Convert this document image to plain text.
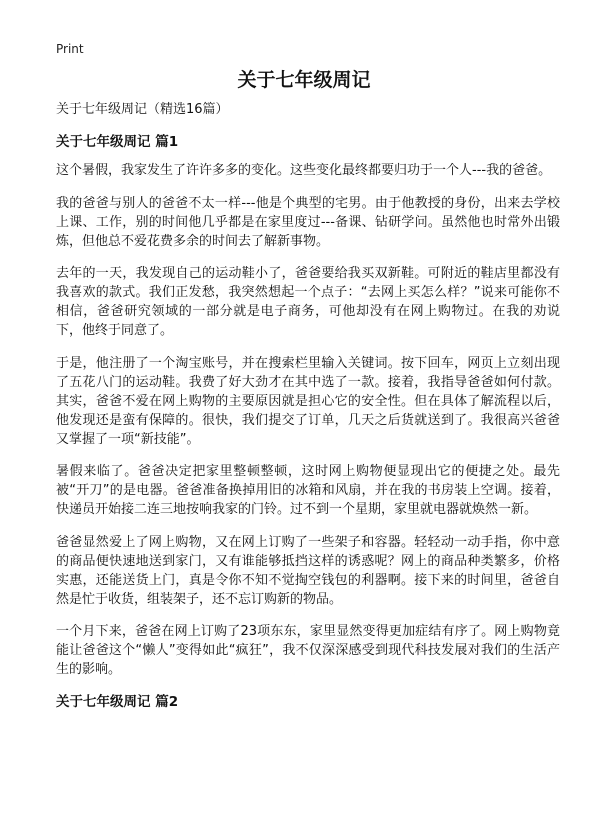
Print
关于七年级周记
关于七年级周记（精选16篇）
关于七年级周记 篇1

这个暑假，我家发生了许许多多的变化。这些变化最终都要归功于一个人---我的爸爸。

我的爸爸与别人的爸爸不太一样---他是个典型的宅男。由于他教授的身份，出来去学校上课、工作，别的时间他几乎都是在家里度过---备课、钻研学问。虽然他也时常外出锻炼，但他总不爱花费多余的时间去了解新事物。

去年的一天，我发现自己的运动鞋小了，爸爸要给我买双新鞋。可附近的鞋店里都没有我喜欢的款式。我们正发愁，我突然想起一个点子：“去网上买怎么样？”说来可能你不相信，爸爸研究领域的一部分就是电子商务，可他却没有在网上购物过。在我的劝说下，他终于同意了。

于是，他注册了一个淘宝账号，并在搜索栏里输入关键词。按下回车，网页上立刻出现了五花八门的运动鞋。我费了好大劲才在其中选了一款。接着，我指导爸爸如何付款。其实，爸爸不爱在网上购物的主要原因就是担心它的安全性。但在具体了解流程以后，他发现还是蛮有保障的。很快，我们提交了订单，几天之后货就送到了。我很高兴爸爸又掌握了一项“新技能”。

暑假来临了。爸爸决定把家里整顿整顿，这时网上购物便显现出它的便捷之处。最先被“开刀”的是电器。爸爸准备换掉用旧的冰箱和风扇，并在我的书房装上空调。接着，快递员开始接二连三地按响我家的门铃。过不到一个星期，家里就电器就焕然一新。

爸爸显然爱上了网上购物，又在网上订购了一些架子和容器。轻轻动一动手指，你中意的商品便快速地送到家门，又有谁能够抵挡这样的诱惑呢？网上的商品种类繁多，价格实惠，还能送货上门，真是令你不知不觉掏空钱包的利器啊。接下来的时间里，爸爸自然是忙于收货，组装架子，还不忘订购新的物品。

一个月下来，爸爸在网上订购了23项东东，家里显然变得更加症结有序了。网上购物竟能让爸爸这个“懒人”变得如此“疯狂”，我不仅深深感受到现代科技发展对我们的生活产生的影响。

关于七年级周记 篇2
